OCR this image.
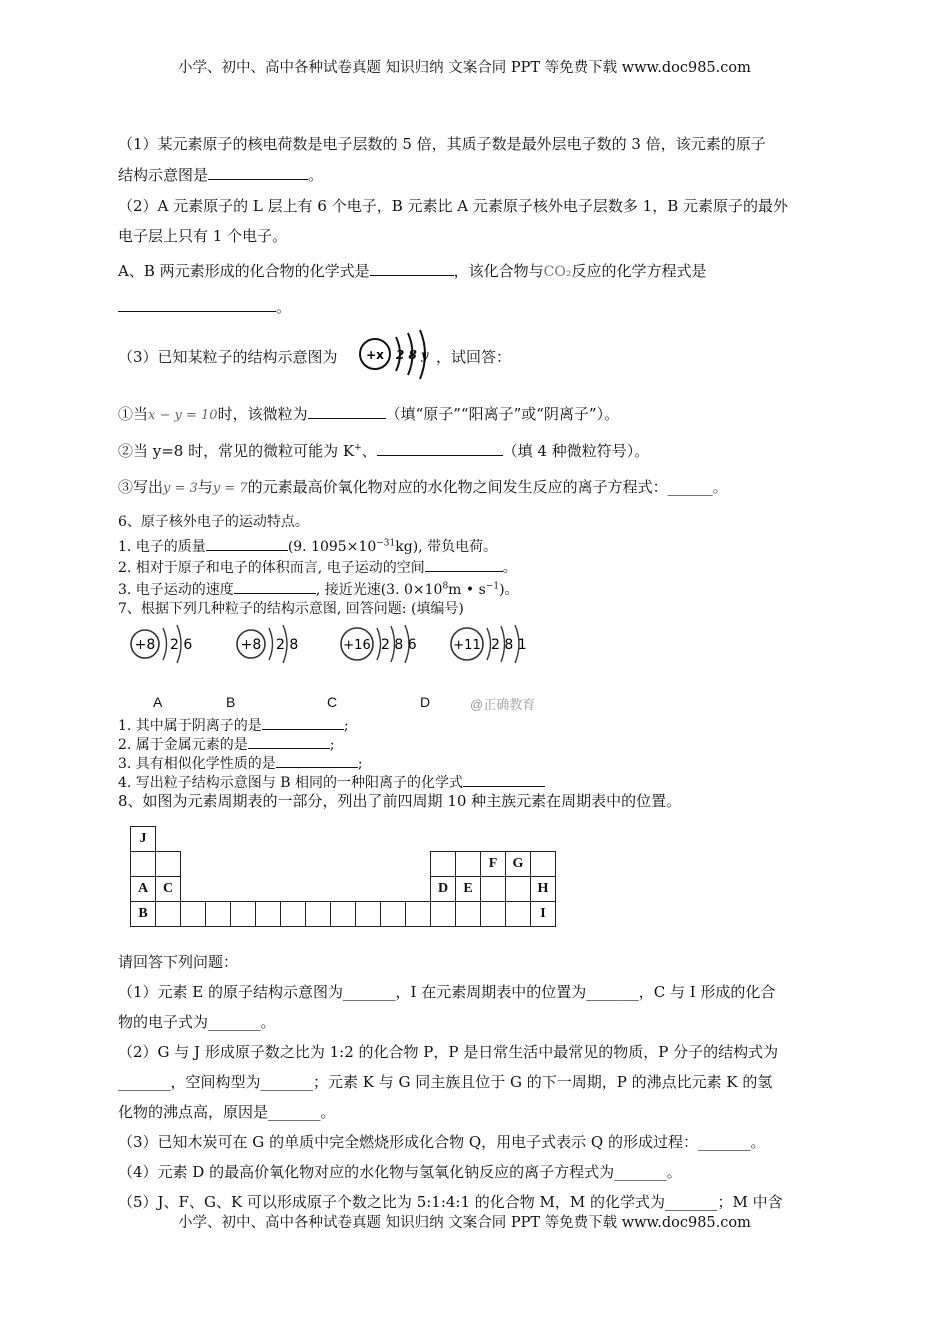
小学、初中、高中各种试卷真题 知识归纳 文案合同 PPT 等免费下载 www.doc985.com
（1）某元素原子的核电荷数是电子层数的 5 倍，其质子数是最外层电子数的 3 倍，该元素的原子
结构示意图是	。
（2）A 元素原子的 L 层上有 6 个电子，B 元素比 A 元素原子核外电子层数多 1，B 元素原子的最外
电子层上只有 1 个电子。
A、B 两元素形成的化合物的化学式是	，该化合物与CO₂反应的化学方程式是
。
（3）已知某粒子的结构示意图为 +x 2 8 y ，试回答：
①当x − y = 10时，该微粒为	（填“原子”“阳离子”或“阴离子”）。
②当 y=8 时，常见的微粒可能为 K+、	（填 4 种微粒符号）。
③写出y = 3与y = 7的元素最高价氧化物对应的水化物之间发生反应的离子方程式：______。
6、原子核外电子的运动特点。
1. 电子的质量	(9. $1095\times 10^{-31}kg$), 带负电荷。
2. 相对于原子和电子的体积而言, 电子运动的空间	。
3. 电子运动的速度	, 接近光速(3. $0\times 10^8m$ • $s^{-1}$)。
7、根据下列几种粒子的结构示意图, 回答问题: (填编号)
+8 2 6	+8 2 8	+16 2 8 6	+11 2 8 1
A	B	C	D	@正确教育
1. 其中属于阴离子的是	;
2. 属于金属元素的是	;
3. 具有相似化学性质的是	;
4. 写出粒子结构示意图与 B 相同的一种阳离子的化学式
8、如图为元素周期表的一部分，列出了前四周期 10 种主族元素在周期表中的位置。
J																
														F	G	
A	C											D	E			H
B																I
请回答下列问题：
（1）元素 E 的原子结构示意图为_______，I 在元素周期表中的位置为_______，C 与 I 形成的化合
物的电子式为_______。
（2）G 与 J 形成原子数之比为 1:2 的化合物 P，P 是日常生活中最常见的物质，P 分子的结构式为
_______，空间构型为_______；元素 K 与 G 同主族且位于 G 的下一周期，P 的沸点比元素 K 的氢
化物的沸点高，原因是_______。
（3）已知木炭可在 G 的单质中完全燃烧形成化合物 Q，用电子式表示 Q 的形成过程：_______。
（4）元素 D 的最高价氧化物对应的水化物与氢氧化钠反应的离子方程式为_______。
（5）J、F、G、K 可以形成原子个数之比为 5:1:4:1 的化合物 M，M 的化学式为_______；M 中含
小学、初中、高中各种试卷真题 知识归纳 文案合同 PPT 等免费下载 www.doc985.com
